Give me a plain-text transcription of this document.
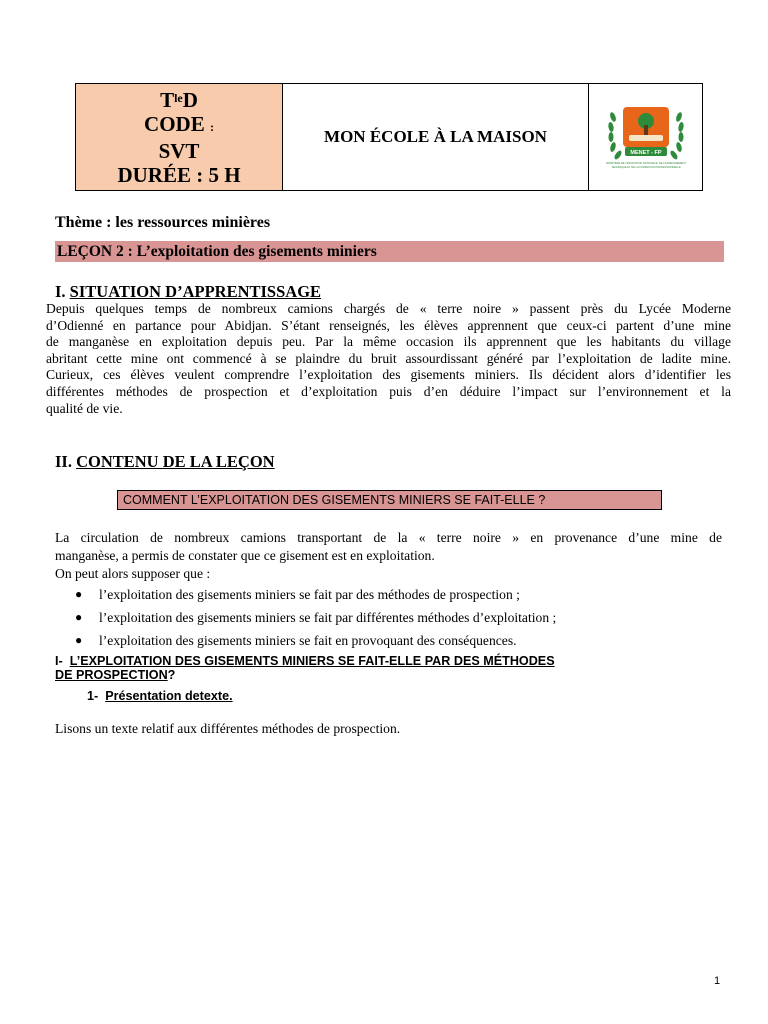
$T^{le}D$
CODE :
SVT
DURÉE : 5 H
MON ÉCOLE À LA MAISON
MENET - FP
MINISTÈRE DE L'ÉDUCATION NATIONALE, DE L'ENSEIGNEMENT
TECHNIQUE ET DE LA FORMATION PROFESSIONNELLE
Thème : les ressources minières
LEÇON 2 : L’exploitation des gisements miniers
I. SITUATION D’APPRENTISSAGE
Depuis quelques temps de nombreux camions chargés de « terre noire » passent près du Lycée Moderne
d’Odienné en partance pour Abidjan. S’étant renseignés, les élèves apprennent que ceux-ci partent d’une mine
de manganèse en exploitation depuis peu. Par la même occasion ils apprennent que les habitants du village
abritant cette mine ont commencé à se plaindre du bruit assourdissant généré par l’exploitation de ladite mine.
Curieux, ces élèves veulent comprendre l’exploitation des gisements miniers. Ils décident alors d’identifier les
différentes méthodes de prospection et d’exploitation puis d’en déduire l’impact sur l’environnement et la
qualité de vie.
II. CONTENU DE LA LEÇON
COMMENT L’EXPLOITATION DES GISEMENTS MINIERS SE FAIT-ELLE ?
La circulation de nombreux camions transportant de la « terre noire » en provenance d’une mine de
manganèse, a permis de constater que ce gisement est en exploitation.
On peut alors supposer que :
●	l’exploitation des gisements miniers se fait par des méthodes de prospection ;
●	l’exploitation des gisements miniers se fait par différentes méthodes d’exploitation ;
●	l’exploitation des gisements miniers se fait en provoquant des conséquences.
I- L’EXPLOITATION DES GISEMENTS MINIERS SE FAIT-ELLE PAR DES MÉTHODES
DE PROSPECTION?
1- Présentation detexte.
Lisons un texte relatif aux différentes méthodes de prospection.
1
